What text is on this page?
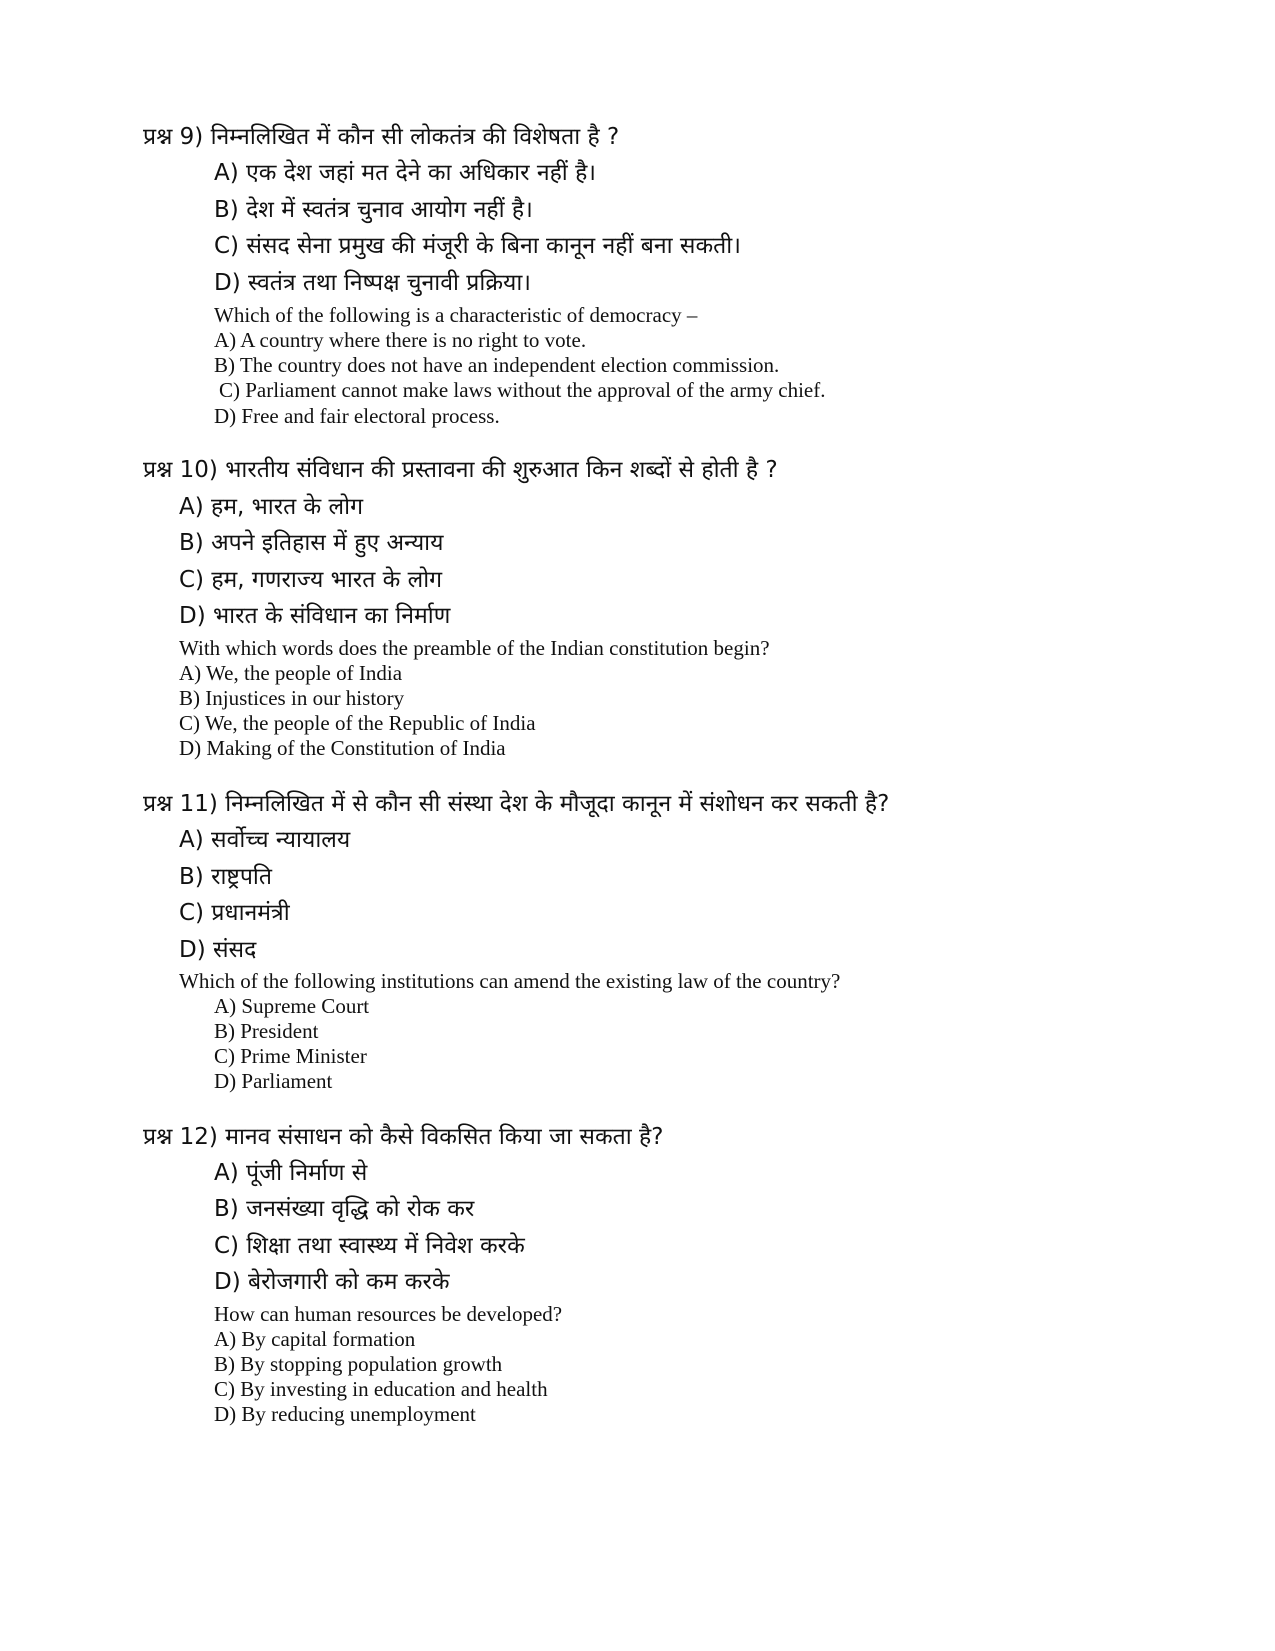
प्रश्न 9) निम्नलिखित में कौन सी लोकतंत्र की विशेषता है ?
A) एक देश जहां मत देने का अधिकार नहीं है।
B) देश में स्वतंत्र चुनाव आयोग नहीं है।
C) संसद सेना प्रमुख की मंजूरी के बिना कानून नहीं बना सकती।
D) स्वतंत्र तथा निष्पक्ष चुनावी प्रक्रिया।
Which of the following is a characteristic of democracy –
A) A country where there is no right to vote.
B) The country does not have an independent election commission.
C) Parliament cannot make laws without the approval of the army chief.
D) Free and fair electoral process.
प्रश्न 10) भारतीय संविधान की प्रस्तावना की शुरुआत किन शब्दों से होती है ?
A) हम, भारत के लोग
B) अपने इतिहास में हुए अन्याय
C) हम, गणराज्य भारत के लोग
D) भारत के संविधान का निर्माण
With which words does the preamble of the Indian constitution begin?
A) We, the people of India
B) Injustices in our history
C) We, the people of the Republic of India
D) Making of the Constitution of India
प्रश्न 11) निम्नलिखित में से कौन सी संस्था देश के मौजूदा कानून में संशोधन कर सकती है?
A) सर्वोच्च न्यायालय
B) राष्ट्रपति
C) प्रधानमंत्री
D) संसद
Which of the following institutions can amend the existing law of the country?
A) Supreme Court
B) President
C) Prime Minister
D) Parliament
प्रश्न 12) मानव संसाधन को कैसे विकसित किया जा सकता है?
A) पूंजी निर्माण से
B) जनसंख्या वृद्धि को रोक कर
C) शिक्षा तथा स्वास्थ्य में निवेश करके
D) बेरोजगारी को कम करके
How can human resources be developed?
A) By capital formation
B) By stopping population growth
C) By investing in education and health
D) By reducing unemployment
